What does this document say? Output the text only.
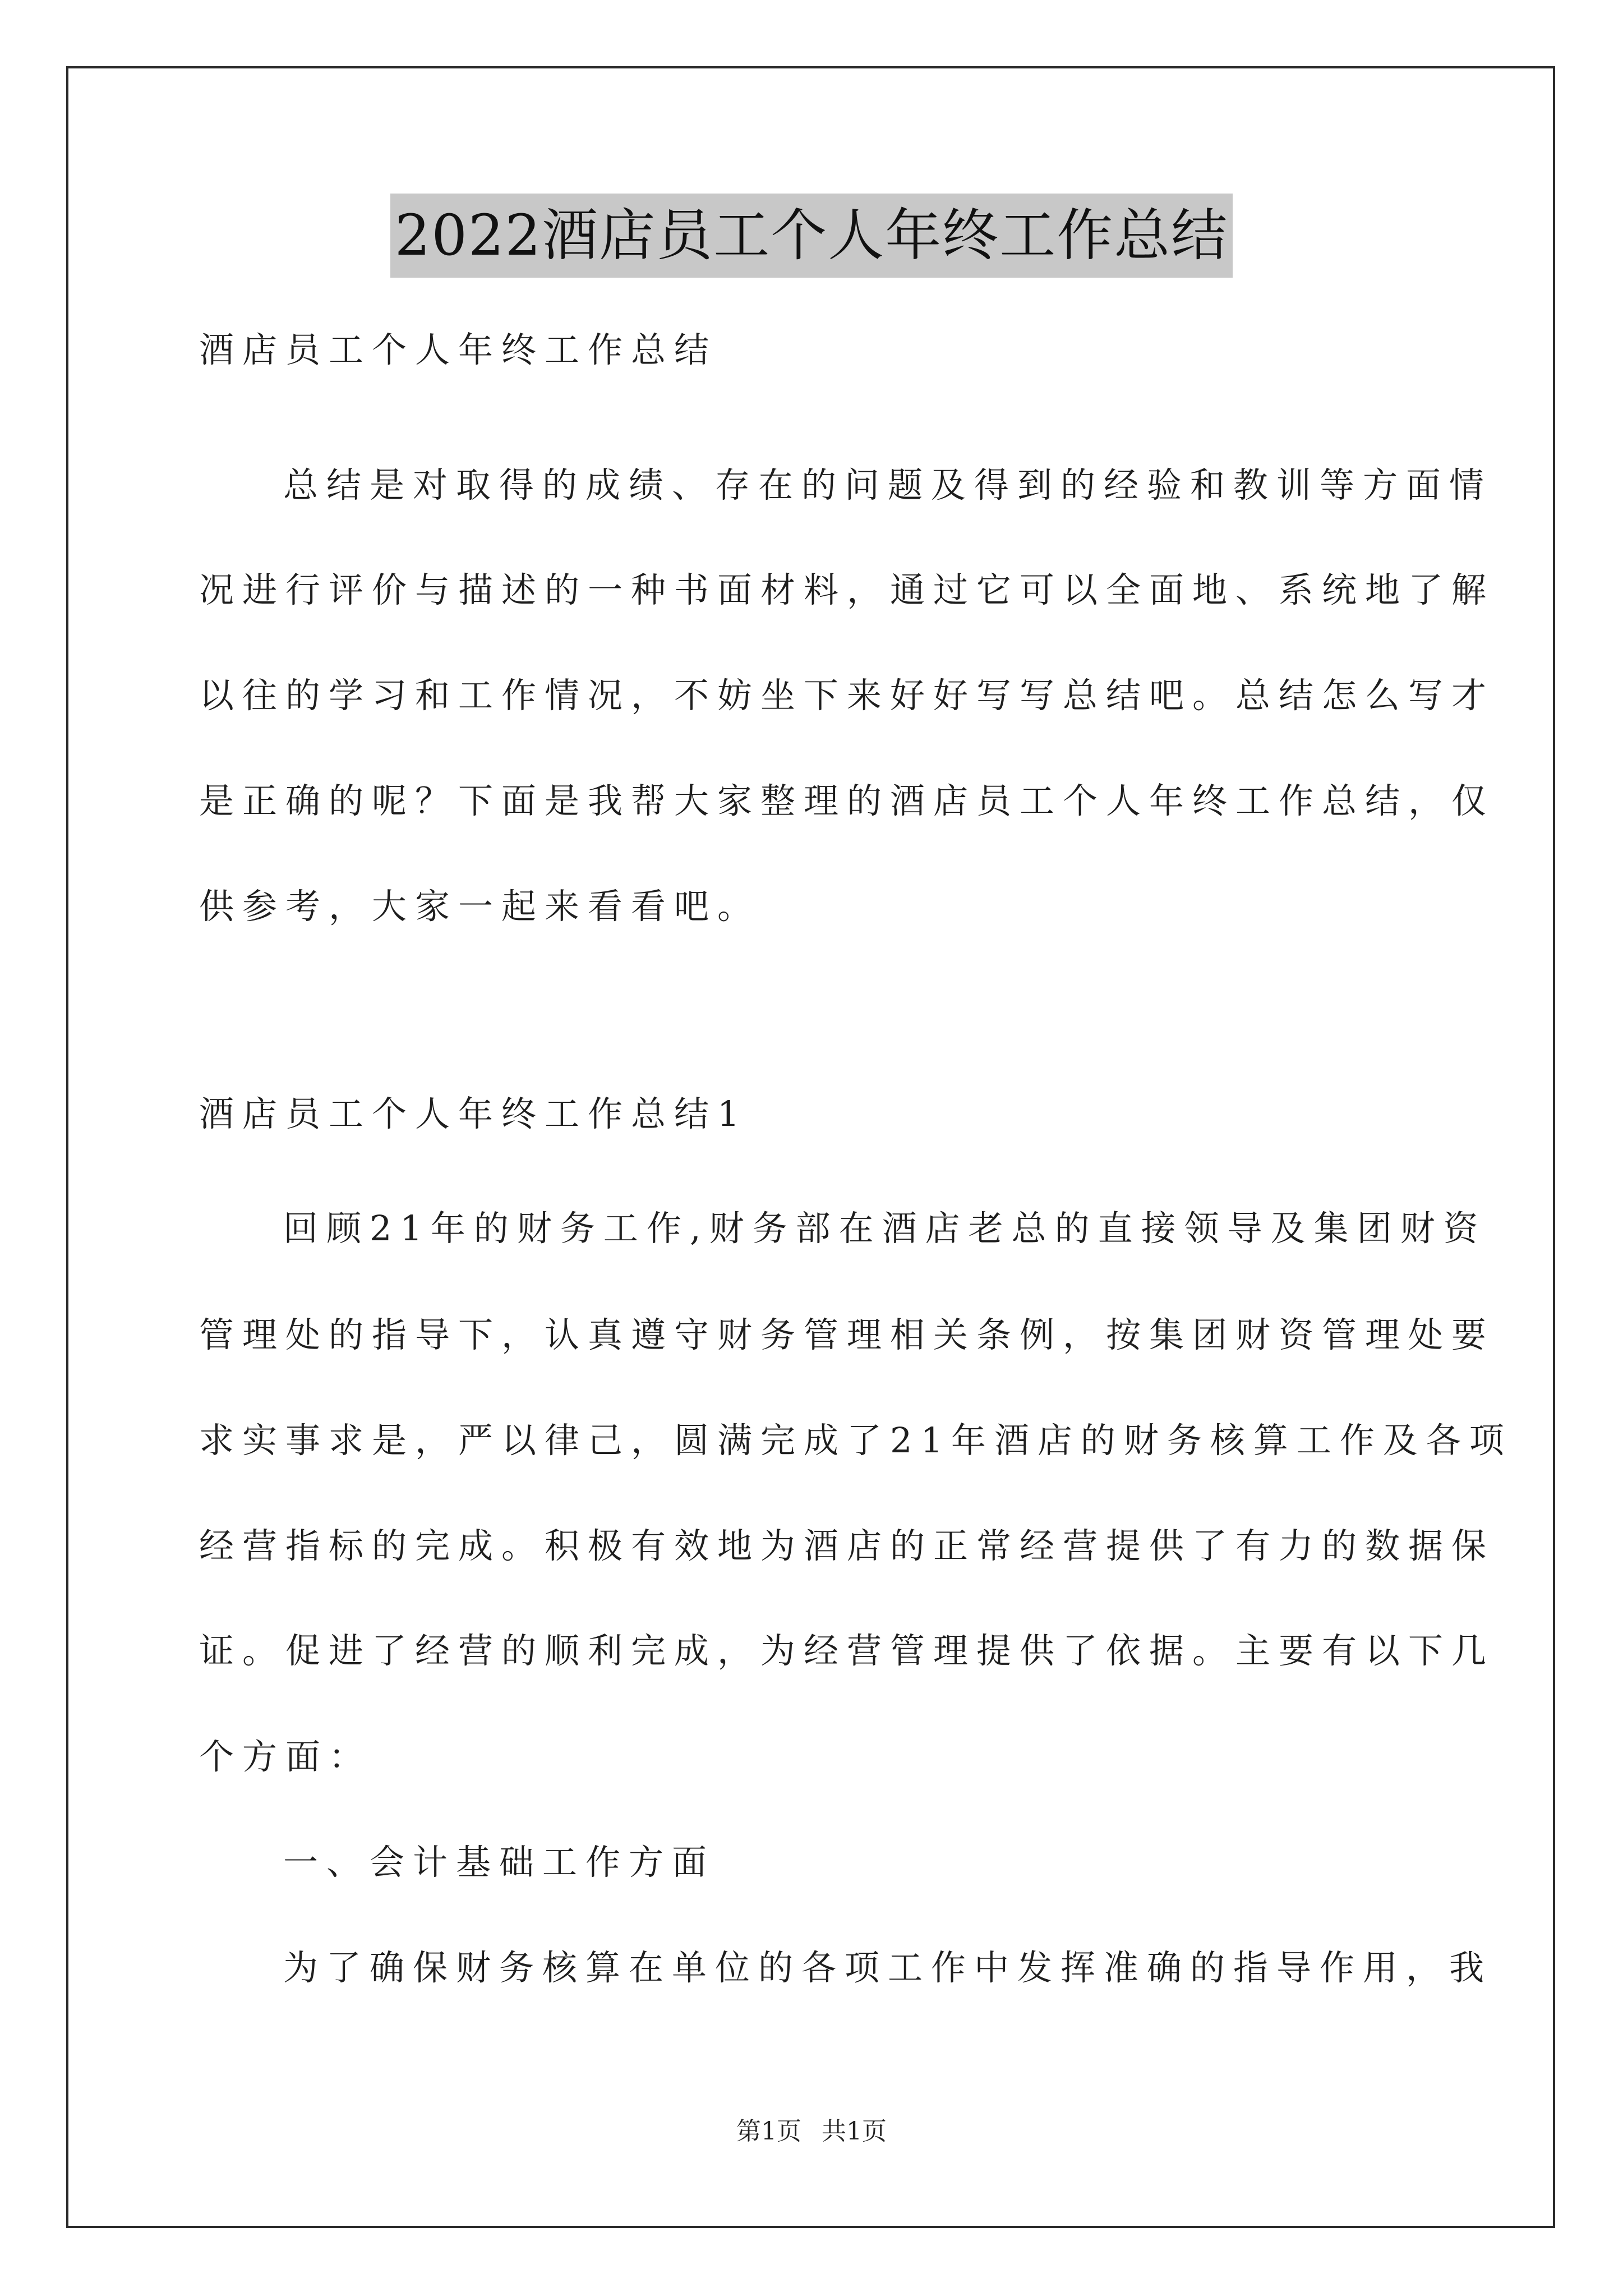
2022酒店员工个人年终工作总结
酒店员工个人年终工作总结
总结是对取得的成绩、存在的问题及得到的经验和教训等方面情
况进行评价与描述的一种书面材料，通过它可以全面地、系统地了解
以往的学习和工作情况，不妨坐下来好好写写总结吧。总结怎么写才
是正确的呢？下面是我帮大家整理的酒店员工个人年终工作总结，仅
供参考，大家一起来看看吧。
酒店员工个人年终工作总结1
回顾21年的财务工作,财务部在酒店老总的直接领导及集团财资
管理处的指导下，认真遵守财务管理相关条例，按集团财资管理处要
求实事求是，严以律己，圆满完成了21年酒店的财务核算工作及各项
经营指标的完成。积极有效地为酒店的正常经营提供了有力的数据保
证。促进了经营的顺利完成，为经营管理提供了依据。主要有以下几
个方面：
一、会计基础工作方面
为了确保财务核算在单位的各项工作中发挥准确的指导作用，我
第1页 共1页
